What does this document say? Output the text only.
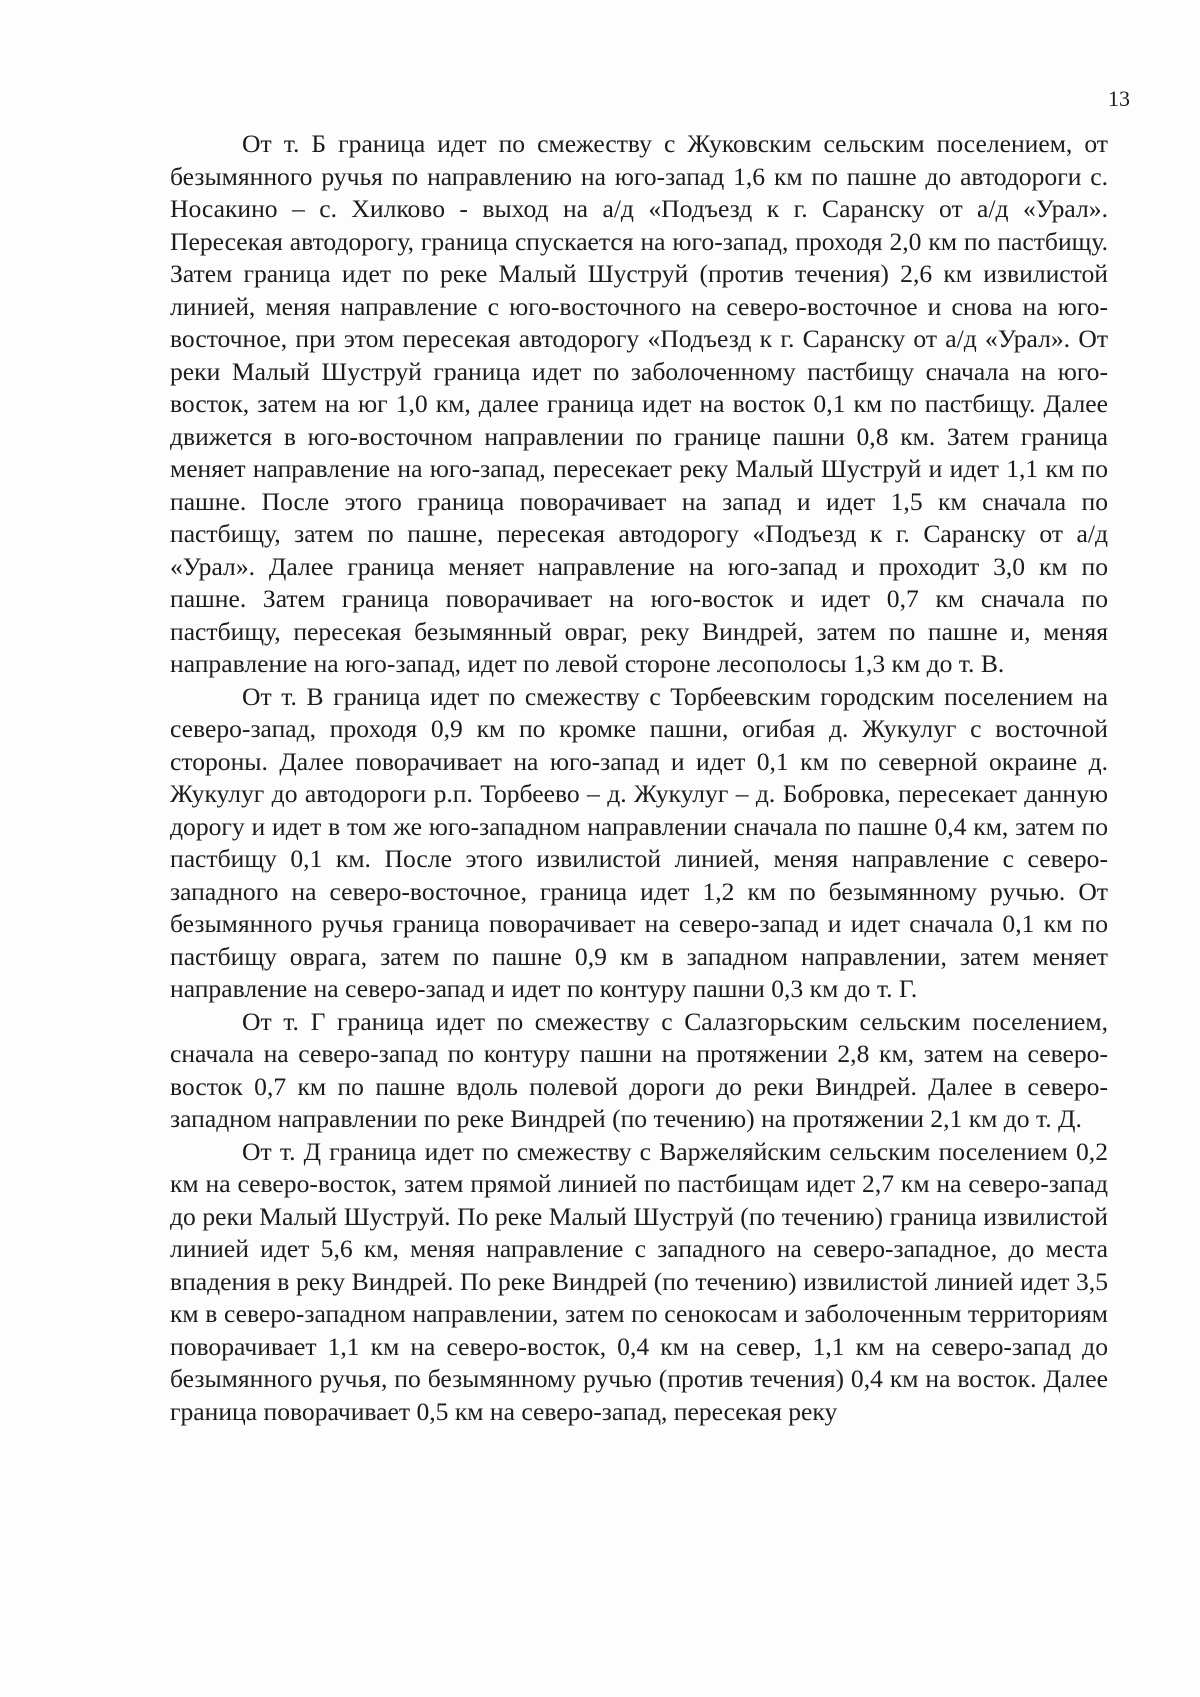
13

От т. Б граница идет по смежеству с Жуковским сельским поселением, от безымянного ручья по направлению на юго-запад 1,6 км по пашне до автодороги с. Носакино – с. Хилково - выход на а/д «Подъезд к г. Саранску от а/д «Урал». Пересекая автодорогу, граница спускается на юго-запад, проходя 2,0 км по пастбищу. Затем граница идет по реке Малый Шуструй (против течения) 2,6 км извилистой линией, меняя направление с юго-восточного на северо-восточное и снова на юго-восточное, при этом пересекая автодорогу «Подъезд к г. Саранску от а/д «Урал». От реки Малый Шуструй граница идет по заболоченному пастбищу сначала на юго-восток, затем на юг 1,0 км, далее граница идет на восток 0,1 км по пастбищу. Далее движется в юго-восточном направлении по границе пашни 0,8 км. Затем граница меняет направление на юго-запад, пересекает реку Малый Шуструй и идет 1,1 км по пашне. После этого граница поворачивает на запад и идет 1,5 км сначала по пастбищу, затем по пашне, пересекая автодорогу «Подъезд к г. Саранску от а/д «Урал». Далее граница меняет направление на юго-запад и проходит 3,0 км по пашне. Затем граница поворачивает на юго-восток и идет 0,7 км сначала по пастбищу, пересекая безымянный овраг, реку Виндрей, затем по пашне и, меняя направление на юго-запад, идет по левой стороне лесополосы 1,3 км до т. В.

От т. В граница идет по смежеству с Торбеевским городским поселением на северо-запад, проходя 0,9 км по кромке пашни, огибая д. Жукулуг с восточной стороны. Далее поворачивает на юго-запад и идет 0,1 км по северной окраине д. Жукулуг до автодороги р.п. Торбеево – д. Жукулуг – д. Бобровка, пересекает данную дорогу и идет в том же юго-западном направлении сначала по пашне 0,4 км, затем по пастбищу 0,1 км. После этого извилистой линией, меняя направление с северо-западного на северо-восточное, граница идет 1,2 км по безымянному ручью. От безымянного ручья граница поворачивает на северо-запад и идет сначала 0,1 км по пастбищу оврага, затем по пашне 0,9 км в западном направлении, затем меняет направление на северо-запад и идет по контуру пашни 0,3 км до т. Г.

От т. Г граница идет по смежеству с Салазгорьским сельским поселением, сначала на северо-запад по контуру пашни на протяжении 2,8 км, затем на северо-восток 0,7 км по пашне вдоль полевой дороги до реки Виндрей. Далее в северо-западном направлении по реке Виндрей (по течению) на протяжении 2,1 км до т. Д.

От т. Д граница идет по смежеству с Варжеляйским сельским поселением 0,2 км на северо-восток, затем прямой линией по пастбищам идет 2,7 км на северо-запад до реки Малый Шуструй. По реке Малый Шуструй (по течению) граница извилистой линией идет 5,6 км, меняя направление с западного на северо-западное, до места впадения в реку Виндрей. По реке Виндрей (по течению) извилистой линией идет 3,5 км в северо-западном направлении, затем по сенокосам и заболоченным территориям поворачивает 1,1 км на северо-восток, 0,4 км на север, 1,1 км на северо-запад до безымянного ручья, по безымянному ручью (против течения) 0,4 км на восток. Далее граница поворачивает 0,5 км на северо-запад, пересекая реку
